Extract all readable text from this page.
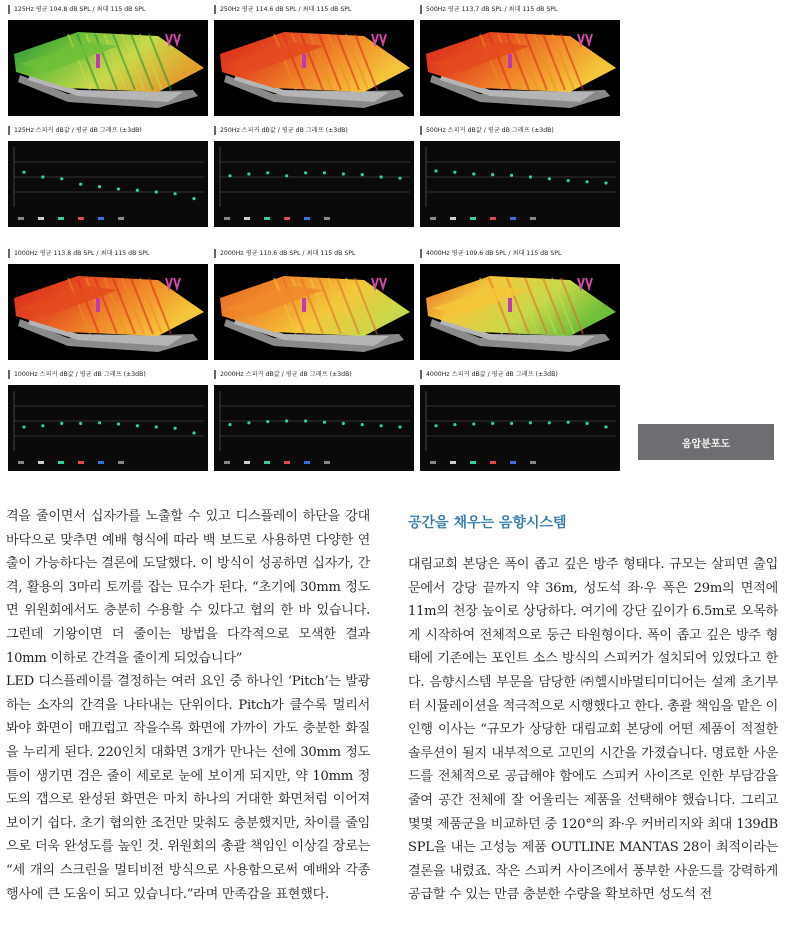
125Hz 평균 104.8 dB SPL / 최대 115 dB SPL
125Hz 스피커 dB값 / 평균 dB 그래프 (±3dB)
250Hz 평균 114.6 dB SPL / 최대 115 dB SPL
250Hz 스피커 dB값 / 평균 dB 그래프 (±3dB)
500Hz 평균 113.7 dB SPL / 최대 115 dB SPL
500Hz 스피커 dB값 / 평균 dB 그래프 (±3dB)
1000Hz 평균 113.8 dB SPL / 최대 115 dB SPL
1000Hz 스피커 dB값 / 평균 dB 그래프 (±3dB)
2000Hz 평균 110.6 dB SPL / 최대 115 dB SPL
2000Hz 스피커 dB값 / 평균 dB 그래프 (±3dB)
4000Hz 평균 109.6 dB SPL / 최대 115 dB SPL
4000Hz 스피커 dB값 / 평균 dB 그래프 (±3dB)
음압분포도

격을 줄이면서 십자가를 노출할 수 있고 디스플레이 하단을 강대 바닥으로 맞추면 예배 형식에 따라 백 보드로 사용하면 다양한 연출이 가능하다는 결론에 도달했다. 이 방식이 성공하면 십자가, 간격, 활용의 3마리 토끼를 잡는 묘수가 된다. “초기에 30mm 정도면 위원회에서도 충분히 수용할 수 있다고 협의 한 바 있습니다. 그런데 기왕이면 더 줄이는 방법을 다각적으로 모색한 결과 10mm 이하로 간격을 줄이게 되었습니다”

LED 디스플레이를 결정하는 여러 요인 중 하나인 ‘Pitch’는 발광하는 소자의 간격을 나타내는 단위이다. Pitch가 클수록 멀리서 봐야 화면이 매끄럽고 작을수록 화면에 가까이 가도 충분한 화질을 누리게 된다. 220인치 대화면 3개가 만나는 선에 30mm 정도 틈이 생기면 검은 줄이 세로로 눈에 보이게 되지만, 약 10mm 정도의 갭으로 완성된 화면은 마치 하나의 거대한 화면처럼 이어져 보이기 쉽다. 초기 협의한 조건만 맞춰도 충분했지만, 차이를 줄임으로 더욱 완성도를 높인 것. 위원회의 총괄 책임인 이상길 장로는 “세 개의 스크린을 멀티비전 방식으로 사용함으로써 예배와 각종 행사에 큰 도움이 되고 있습니다.”라며 만족감을 표현했다.

공간을 채우는 음향시스템

대림교회 본당은 폭이 좁고 깊은 방주 형태다. 규모는 살피면 출입문에서 강당 끝까지 약 36m, 성도석 좌·우 폭은 29m의 면적에 11m의 천장 높이로 상당하다. 여기에 강단 깊이가 6.5m로 오목하게 시작하여 전체적으로 둥근 타원형이다. 폭이 좁고 깊은 방주 형태에 기존에는 포인트 소스 방식의 스피커가 설치되어 있었다고 한다. 음향시스템 부문을 담당한 ㈜헬시바멀티미디어는 설계 초기부터 시뮬레이션을 적극적으로 시행했다고 한다. 총괄 책임을 맡은 이인행 이사는 “규모가 상당한 대림교회 본당에 어떤 제품이 적절한 솔루션이 될지 내부적으로 고민의 시간을 가졌습니다. 명료한 사운드를 전체적으로 공급해야 함에도 스피커 사이즈로 인한 부담감을 줄여 공간 전체에 잘 어울리는 제품을 선택해야 했습니다. 그리고 몇몇 제품군을 비교하던 중 120°의 좌·우 커버리지와 최대 139dB SPL을 내는 고성능 제품 OUTLINE MANTAS 28이 최적이라는 결론을 내렸죠. 작은 스피커 사이즈에서 풍부한 사운드를 강력하게 공급할 수 있는 만큼 충분한 수량을 확보하면 성도석 전
